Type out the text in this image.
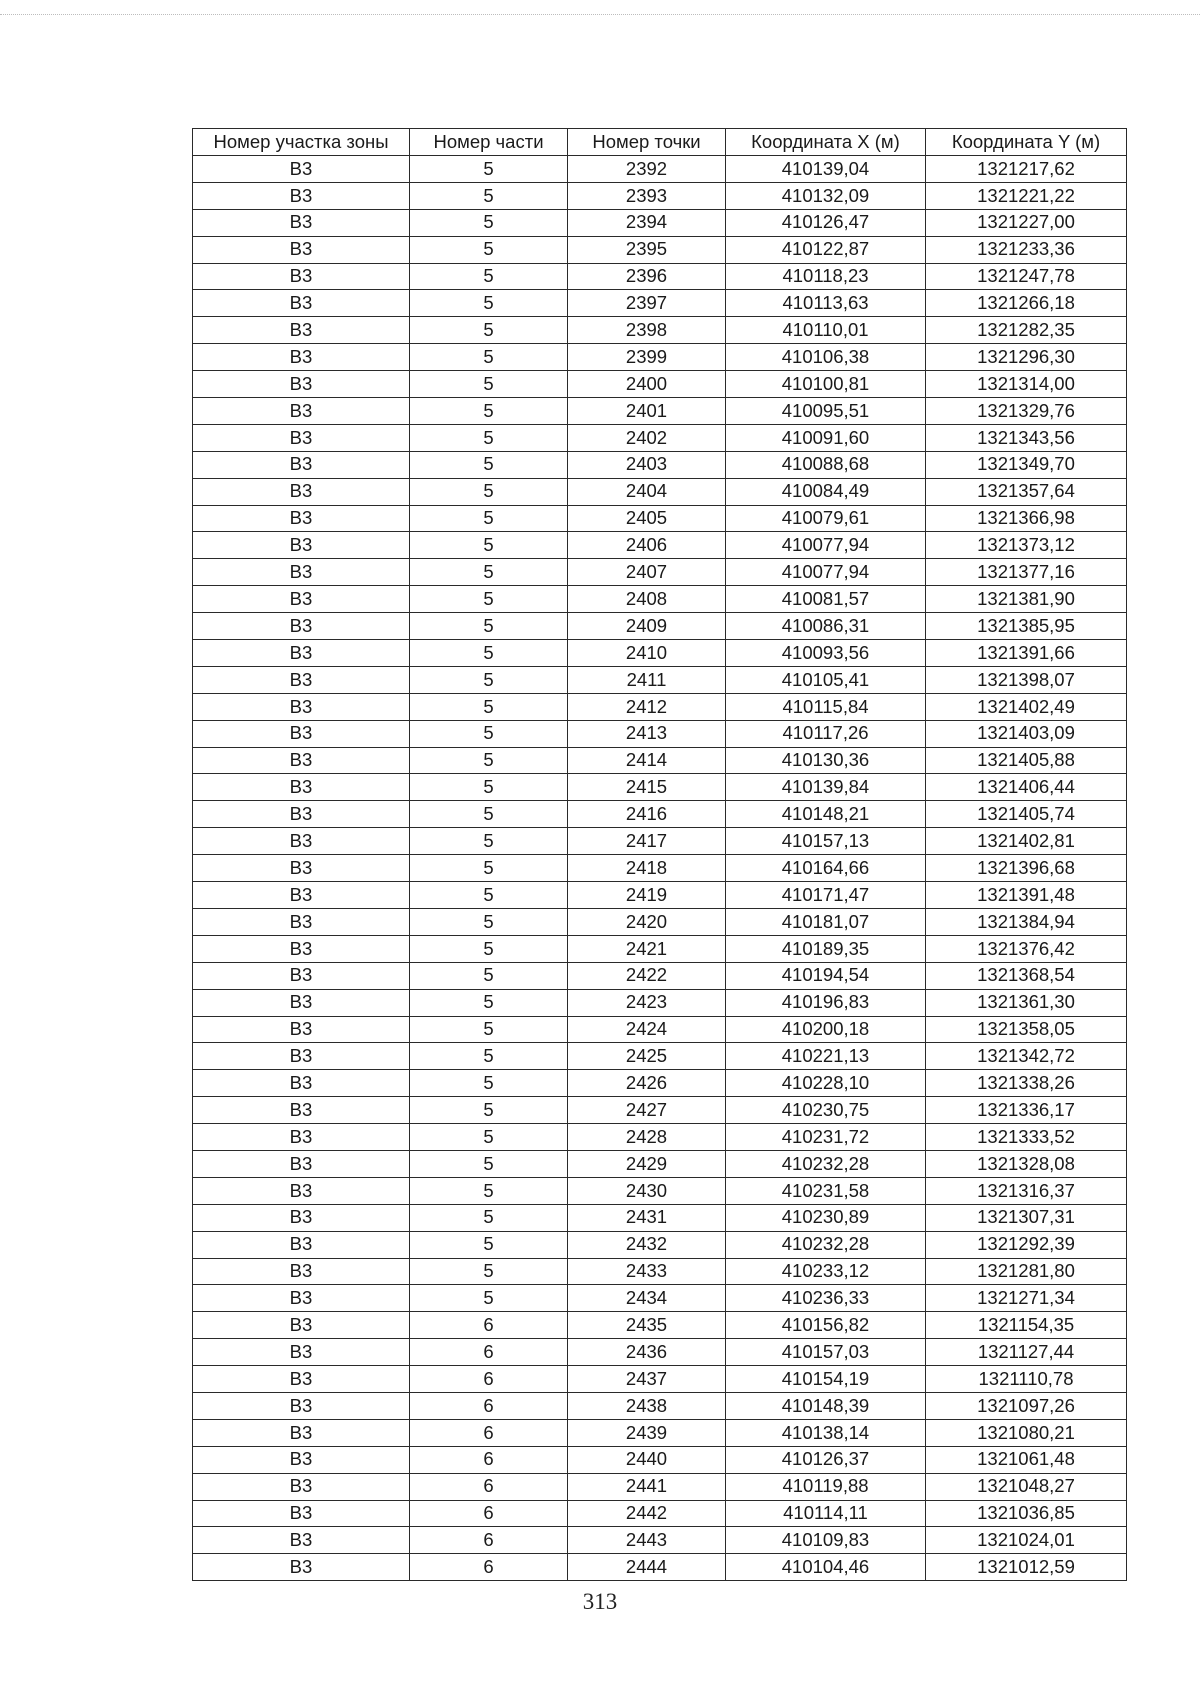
Номер участка зоны	Номер части	Номер точки	Координата X (м)	Координата Y (м)
В3	5	2392	410139,04	1321217,62
В3	5	2393	410132,09	1321221,22
В3	5	2394	410126,47	1321227,00
В3	5	2395	410122,87	1321233,36
В3	5	2396	410118,23	1321247,78
В3	5	2397	410113,63	1321266,18
В3	5	2398	410110,01	1321282,35
В3	5	2399	410106,38	1321296,30
В3	5	2400	410100,81	1321314,00
В3	5	2401	410095,51	1321329,76
В3	5	2402	410091,60	1321343,56
В3	5	2403	410088,68	1321349,70
В3	5	2404	410084,49	1321357,64
В3	5	2405	410079,61	1321366,98
В3	5	2406	410077,94	1321373,12
В3	5	2407	410077,94	1321377,16
В3	5	2408	410081,57	1321381,90
В3	5	2409	410086,31	1321385,95
В3	5	2410	410093,56	1321391,66
В3	5	2411	410105,41	1321398,07
В3	5	2412	410115,84	1321402,49
В3	5	2413	410117,26	1321403,09
В3	5	2414	410130,36	1321405,88
В3	5	2415	410139,84	1321406,44
В3	5	2416	410148,21	1321405,74
В3	5	2417	410157,13	1321402,81
В3	5	2418	410164,66	1321396,68
В3	5	2419	410171,47	1321391,48
В3	5	2420	410181,07	1321384,94
В3	5	2421	410189,35	1321376,42
В3	5	2422	410194,54	1321368,54
В3	5	2423	410196,83	1321361,30
В3	5	2424	410200,18	1321358,05
В3	5	2425	410221,13	1321342,72
В3	5	2426	410228,10	1321338,26
В3	5	2427	410230,75	1321336,17
В3	5	2428	410231,72	1321333,52
В3	5	2429	410232,28	1321328,08
В3	5	2430	410231,58	1321316,37
В3	5	2431	410230,89	1321307,31
В3	5	2432	410232,28	1321292,39
В3	5	2433	410233,12	1321281,80
В3	5	2434	410236,33	1321271,34
В3	6	2435	410156,82	1321154,35
В3	6	2436	410157,03	1321127,44
В3	6	2437	410154,19	1321110,78
В3	6	2438	410148,39	1321097,26
В3	6	2439	410138,14	1321080,21
В3	6	2440	410126,37	1321061,48
В3	6	2441	410119,88	1321048,27
В3	6	2442	410114,11	1321036,85
В3	6	2443	410109,83	1321024,01
В3	6	2444	410104,46	1321012,59
313
